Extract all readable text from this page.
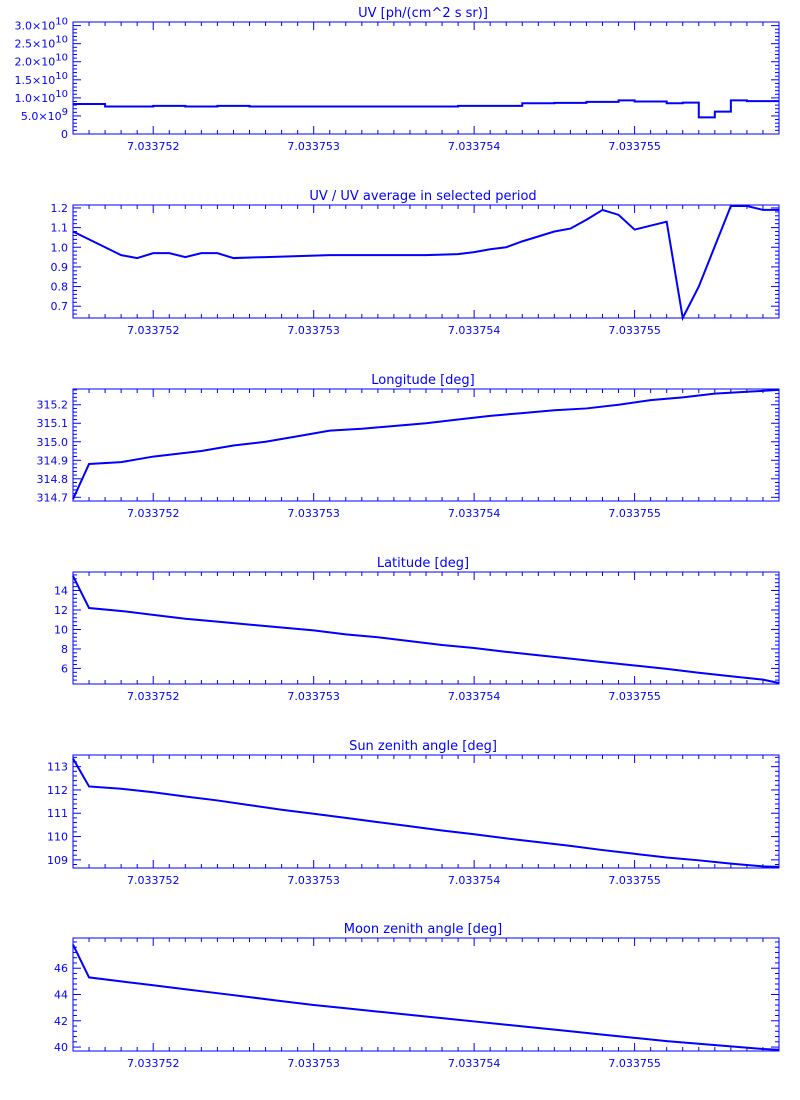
UV [ph/(cm^2 s sr)]
7.033752	7.033753	7.033754	7.033755
0
5.0×109
1.0×1010
1.5×1010
2.0×1010
2.5×1010
3.0×1010
UV / UV average in selected period
7.033752	7.033753	7.033754	7.033755
0.7
0.8
0.9
1.0
1.1
1.2
Longitude [deg]
7.033752	7.033753	7.033754	7.033755
314.7
314.8
314.9
315.0
315.1
315.2
Latitude [deg]
7.033752	7.033753	7.033754	7.033755
6
8
10
12
14
Sun zenith angle [deg]
7.033752	7.033753	7.033754	7.033755
109
110
111
112
113
Moon zenith angle [deg]
7.033752	7.033753	7.033754	7.033755
40
42
44
46
